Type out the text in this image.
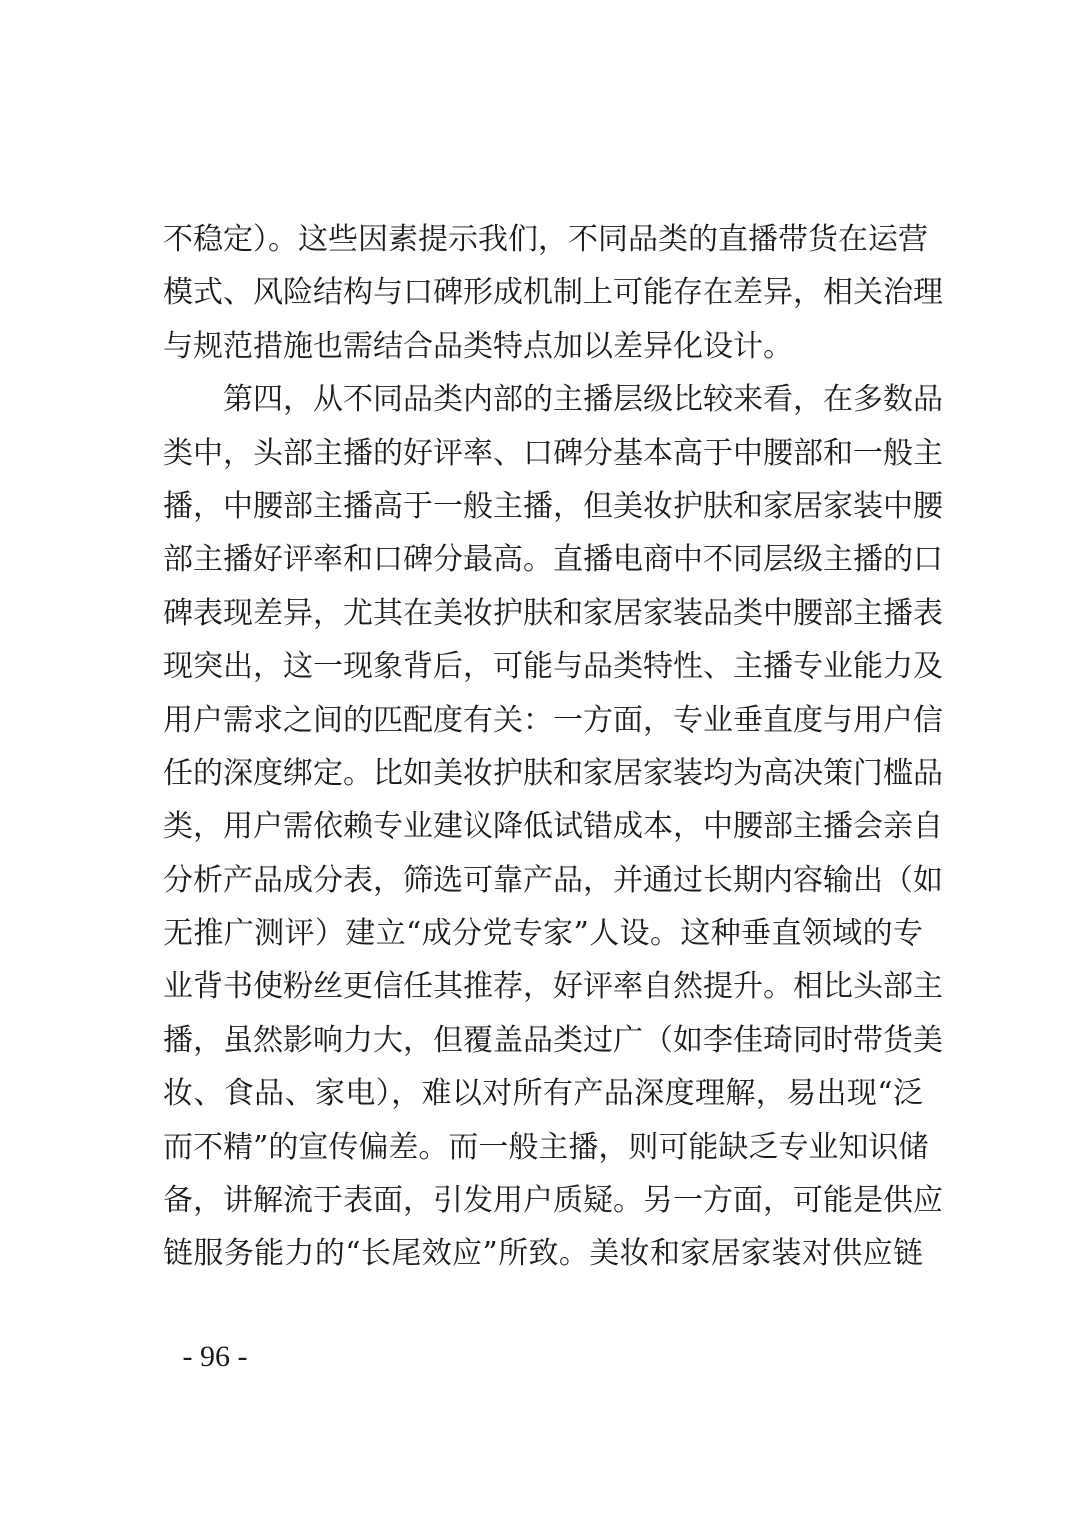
不稳定）。这些因素提示我们，不同品类的直播带货在运营
模式、风险结构与口碑形成机制上可能存在差异，相关治理
与规范措施也需结合品类特点加以差异化设计。
第四，从不同品类内部的主播层级比较来看，在多数品
类中，头部主播的好评率、口碑分基本高于中腰部和一般主
播，中腰部主播高于一般主播，但美妆护肤和家居家装中腰
部主播好评率和口碑分最高。直播电商中不同层级主播的口
碑表现差异，尤其在美妆护肤和家居家装品类中腰部主播表
现突出，这一现象背后，可能与品类特性、主播专业能力及
用户需求之间的匹配度有关：一方面，专业垂直度与用户信
任的深度绑定。比如美妆护肤和家居家装均为高决策门槛品
类，用户需依赖专业建议降低试错成本，中腰部主播会亲自
分析产品成分表，筛选可靠产品，并通过长期内容输出（如
无推广测评）建立“成分党专家”人设。这种垂直领域的专
业背书使粉丝更信任其推荐，好评率自然提升。相比头部主
播，虽然影响力大，但覆盖品类过广（如李佳琦同时带货美
妆、食品、家电），难以对所有产品深度理解，易出现“泛
而不精”的宣传偏差。而一般主播，则可能缺乏专业知识储
备，讲解流于表面，引发用户质疑。另一方面，可能是供应
链服务能力的“长尾效应”所致。美妆和家居家装对供应链
- 96 -
